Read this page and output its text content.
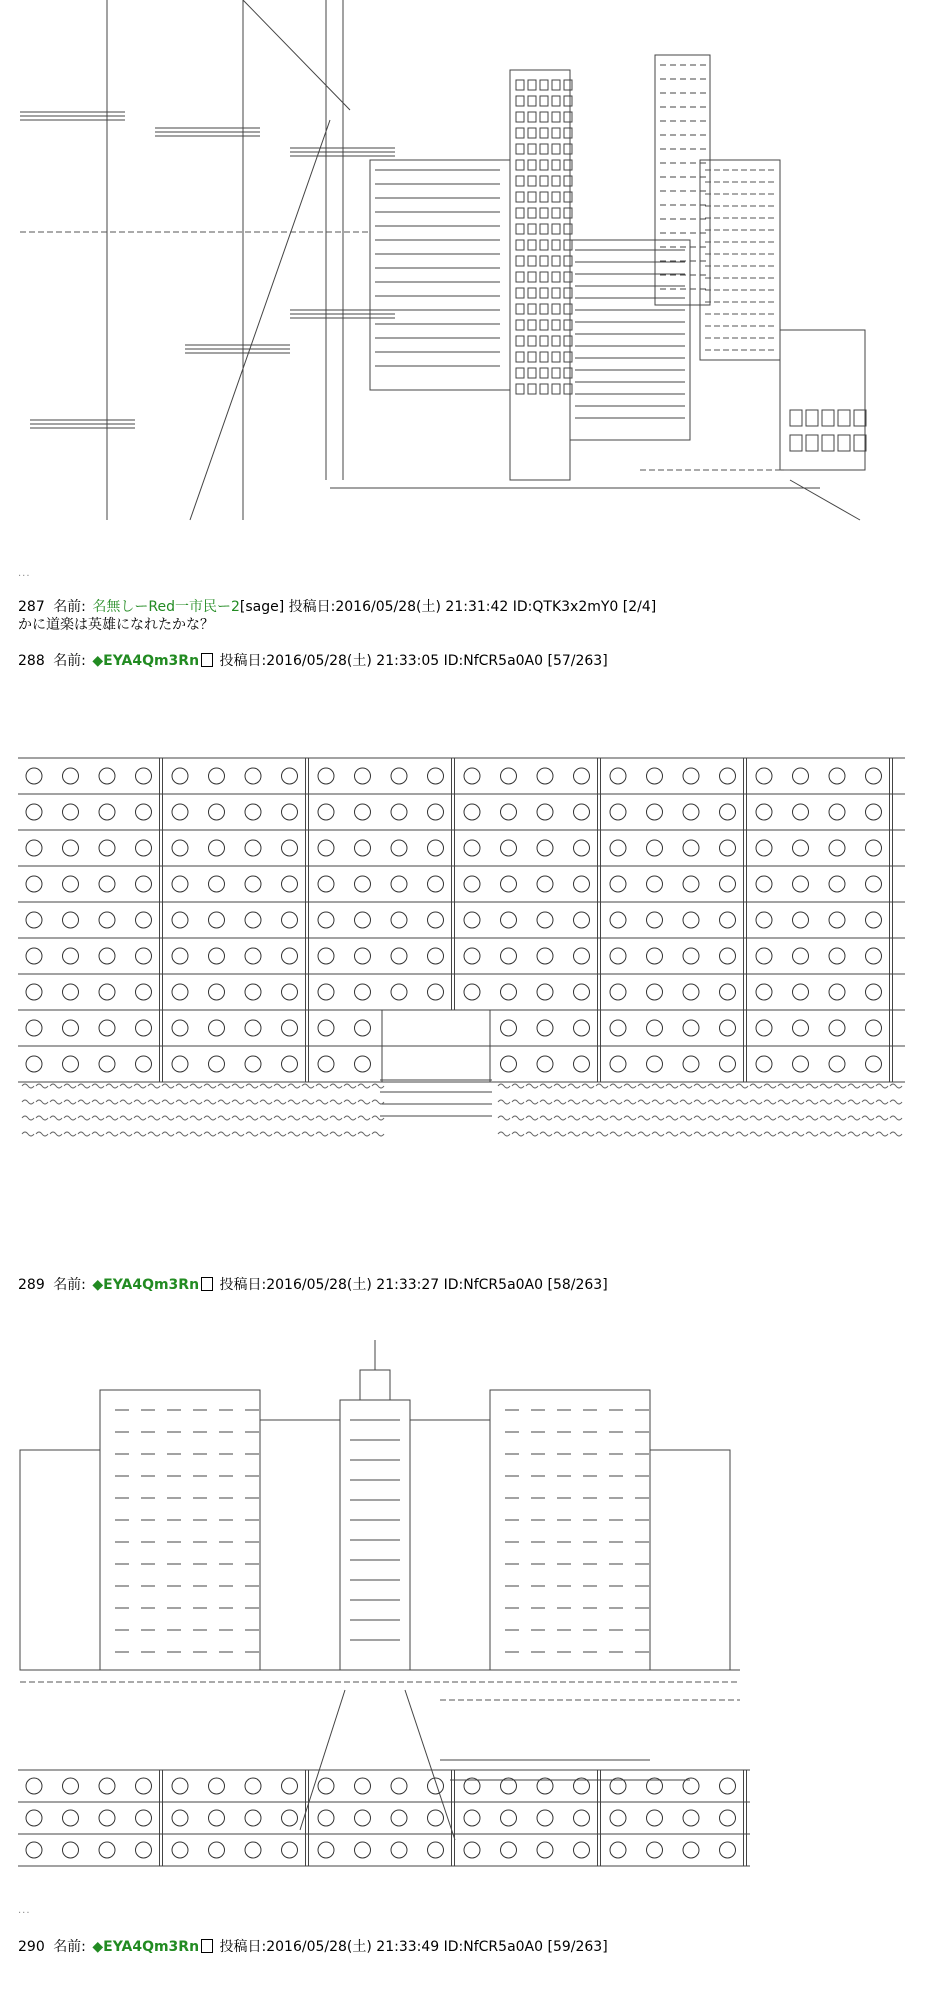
...
287 名前: 名無しーRed一市民ー2[sage] 投稿日:2016/05/28(土) 21:31:42 ID:QTK3x2mY0 [2/4]
かに道楽は英雄になれたかな？
288 名前: ◆EYA4Qm3Rn 投稿日:2016/05/28(土) 21:33:05 ID:NfCR5a0A0 [57/263]
289 名前: ◆EYA4Qm3Rn 投稿日:2016/05/28(土) 21:33:27 ID:NfCR5a0A0 [58/263]
...
290 名前: ◆EYA4Qm3Rn 投稿日:2016/05/28(土) 21:33:49 ID:NfCR5a0A0 [59/263]
